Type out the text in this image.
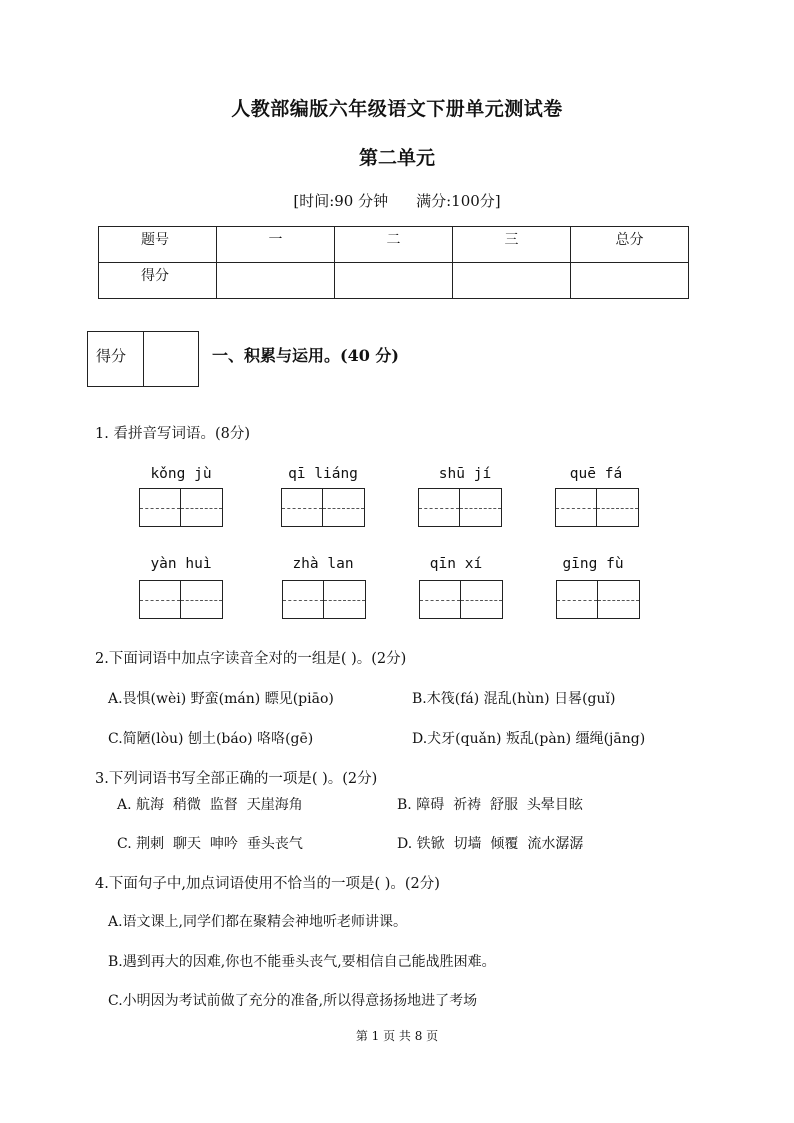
人教部编版六年级语文下册单元测试卷
第二单元
[时间:90 分钟 满分:100分]
题号	一	二	三	总分
得分				
得分	一、积累与运用。(40 分)
1. 看拼音写词语。(8分)
kǒng jù	qī liáng	shū jí	quē fá
yàn huì	zhà lan	qīn xí	gīng fù
2.下面词语中加点字读音全对的一组是( )。(2分)
A.畏惧(wèi) 野蛮(mán) 瞟见(piāo)	B.木筏(fá) 混乱(hùn) 日晷(guǐ)
C.简陋(lòu) 刨土(báo) 咯咯(gē)	D.犬牙(quǎn) 叛乱(pàn) 缰绳(jāng)
3.下列词语书写全部正确的一项是( )。(2分)
A. 航海  稍微  监督  天崖海角	B. 障碍  祈祷  舒服  头晕目眩
C. 荆刺  聊天  呻吟  垂头丧气	D. 铁锨  切墙  倾覆  流水潺潺
4.下面句子中,加点词语使用不恰当的一项是( )。(2分)
A.语文课上,同学们都在聚精会神地听老师讲课。
B.遇到再大的因难,你也不能垂头丧气,要相信自己能战胜困难。
C.小明因为考试前做了充分的准备,所以得意扬扬地进了考场
第 1 页 共 8 页
